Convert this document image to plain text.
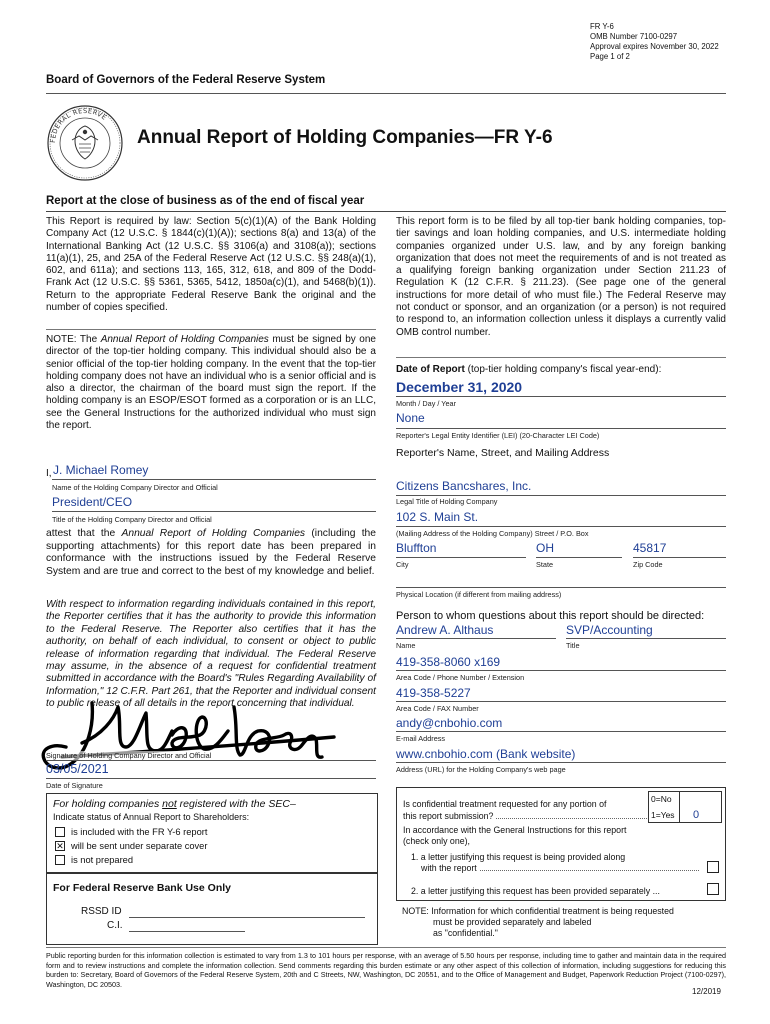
FR Y-6
OMB Number 7100-0297
Approval expires November 30, 2022
Page 1 of 2
Board of Governors of the Federal Reserve System
FEDERAL RESERVE
Annual Report of Holding Companies—FR Y-6
Report at the close of business as of the end of fiscal year
This Report is required by law: Section 5(c)(1)(A) of the Bank Holding Company Act (12 U.S.C. § 1844(c)(1)(A)); sections 8(a) and 13(a) of the International Banking Act (12 U.S.C. §§ 3106(a) and 3108(a)); sections 11(a)(1), 25, and 25A of the Federal Reserve Act (12 U.S.C. §§ 248(a)(1), 602, and 611a); and sections 113, 165, 312, 618, and 809 of the Dodd-Frank Act (12 U.S.C. §§ 5361, 5365, 5412, 1850a(c)(1), and 5468(b)(1)). Return to the appropriate Federal Reserve Bank the original and the number of copies specified.
NOTE: The Annual Report of Holding Companies must be signed by one director of the top-tier holding company. This individual should also be a senior official of the top-tier holding company. In the event that the top-tier holding company does not have an individual who is a senior official and is also a director, the chairman of the board must sign the report. If the holding company is an ESOP/ESOT formed as a corporation or is an LLC, see the General Instructions for the authorized individual who must sign the report.
I, J. Michael Romey
Name of the Holding Company Director and Official
President/CEO
Title of the Holding Company Director and Official
attest that the Annual Report of Holding Companies (including the supporting attachments) for this report date has been prepared in conformance with the instructions issued by the Federal Reserve System and are true and correct to the best of my knowledge and belief.
With respect to information regarding individuals contained in this report, the Reporter certifies that it has the authority to provide this information to the Federal Reserve. The Reporter also certifies that it has the authority, on behalf of each individual, to consent or object to public release of information regarding that individual. The Federal Reserve may assume, in the absence of a request for confidential treatment submitted in accordance with the Board's "Rules Regarding Availability of Information," 12 C.F.R. Part 261, that the Reporter and individual consent to public release of all details in the report concerning that individual.
Signature of Holding Company Director and Official
03/05/2021
Date of Signature
For holding companies not registered with the SEC–
Indicate status of Annual Report to Shareholders:
is included with the FR Y-6 report
✕ will be sent under separate cover
is not prepared
For Federal Reserve Bank Use Only
RSSD ID
C.I.
This report form is to be filed by all top-tier bank holding companies, top-tier savings and loan holding companies, and U.S. intermediate holding companies organized under U.S. law, and by any foreign banking organization that does not meet the requirements of and is not treated as a qualifying foreign banking organization under Section 211.23 of Regulation K (12 C.F.R. § 211.23). (See page one of the general instructions for more detail of who must file.) The Federal Reserve may not conduct or sponsor, and an organization (or a person) is not required to respond to, an information collection unless it displays a currently valid OMB control number.
Date of Report (top-tier holding company's fiscal year-end):
December 31, 2020
Month / Day / Year
None
Reporter's Legal Entity Identifier (LEI) (20-Character LEI Code)
Reporter's Name, Street, and Mailing Address
Citizens Bancshares, Inc.
Legal Title of Holding Company
102 S. Main St.
(Mailing Address of the Holding Company) Street / P.O. Box
Bluffton
City
OH
State
45817
Zip Code
Physical Location (if different from mailing address)
Person to whom questions about this report should be directed:
Andrew A. Althaus
Name
SVP/Accounting
Title
419-358-8060 x169
Area Code / Phone Number / Extension
419-358-5227
Area Code / FAX Number
andy@cnbohio.com
E-mail Address
www.cnbohio.com (Bank website)
Address (URL) for the Holding Company's web page
Is confidential treatment requested for any portion of
this report submission?
0=No
1=Yes 0
In accordance with the General Instructions for this report (check only one),
1. a letter justifying this request is being provided along
with the report
2. a letter justifying this request has been provided separately ...
NOTE: Information for which confidential treatment is being requested
must be provided separately and labeled
as "confidential."
Public reporting burden for this information collection is estimated to vary from 1.3 to 101 hours per response, with an average of 5.50 hours per response, including time to gather and maintain data in the required form and to review instructions and complete the information collection. Send comments regarding this burden estimate or any other aspect of this collection of information, including suggestions for reducing this burden to: Secretary, Board of Governors of the Federal Reserve System, 20th and C Streets, NW, Washington, DC 20551, and to the Office of Management and Budget, Paperwork Reduction Project (7100-0297), Washington, DC 20503.
12/2019
